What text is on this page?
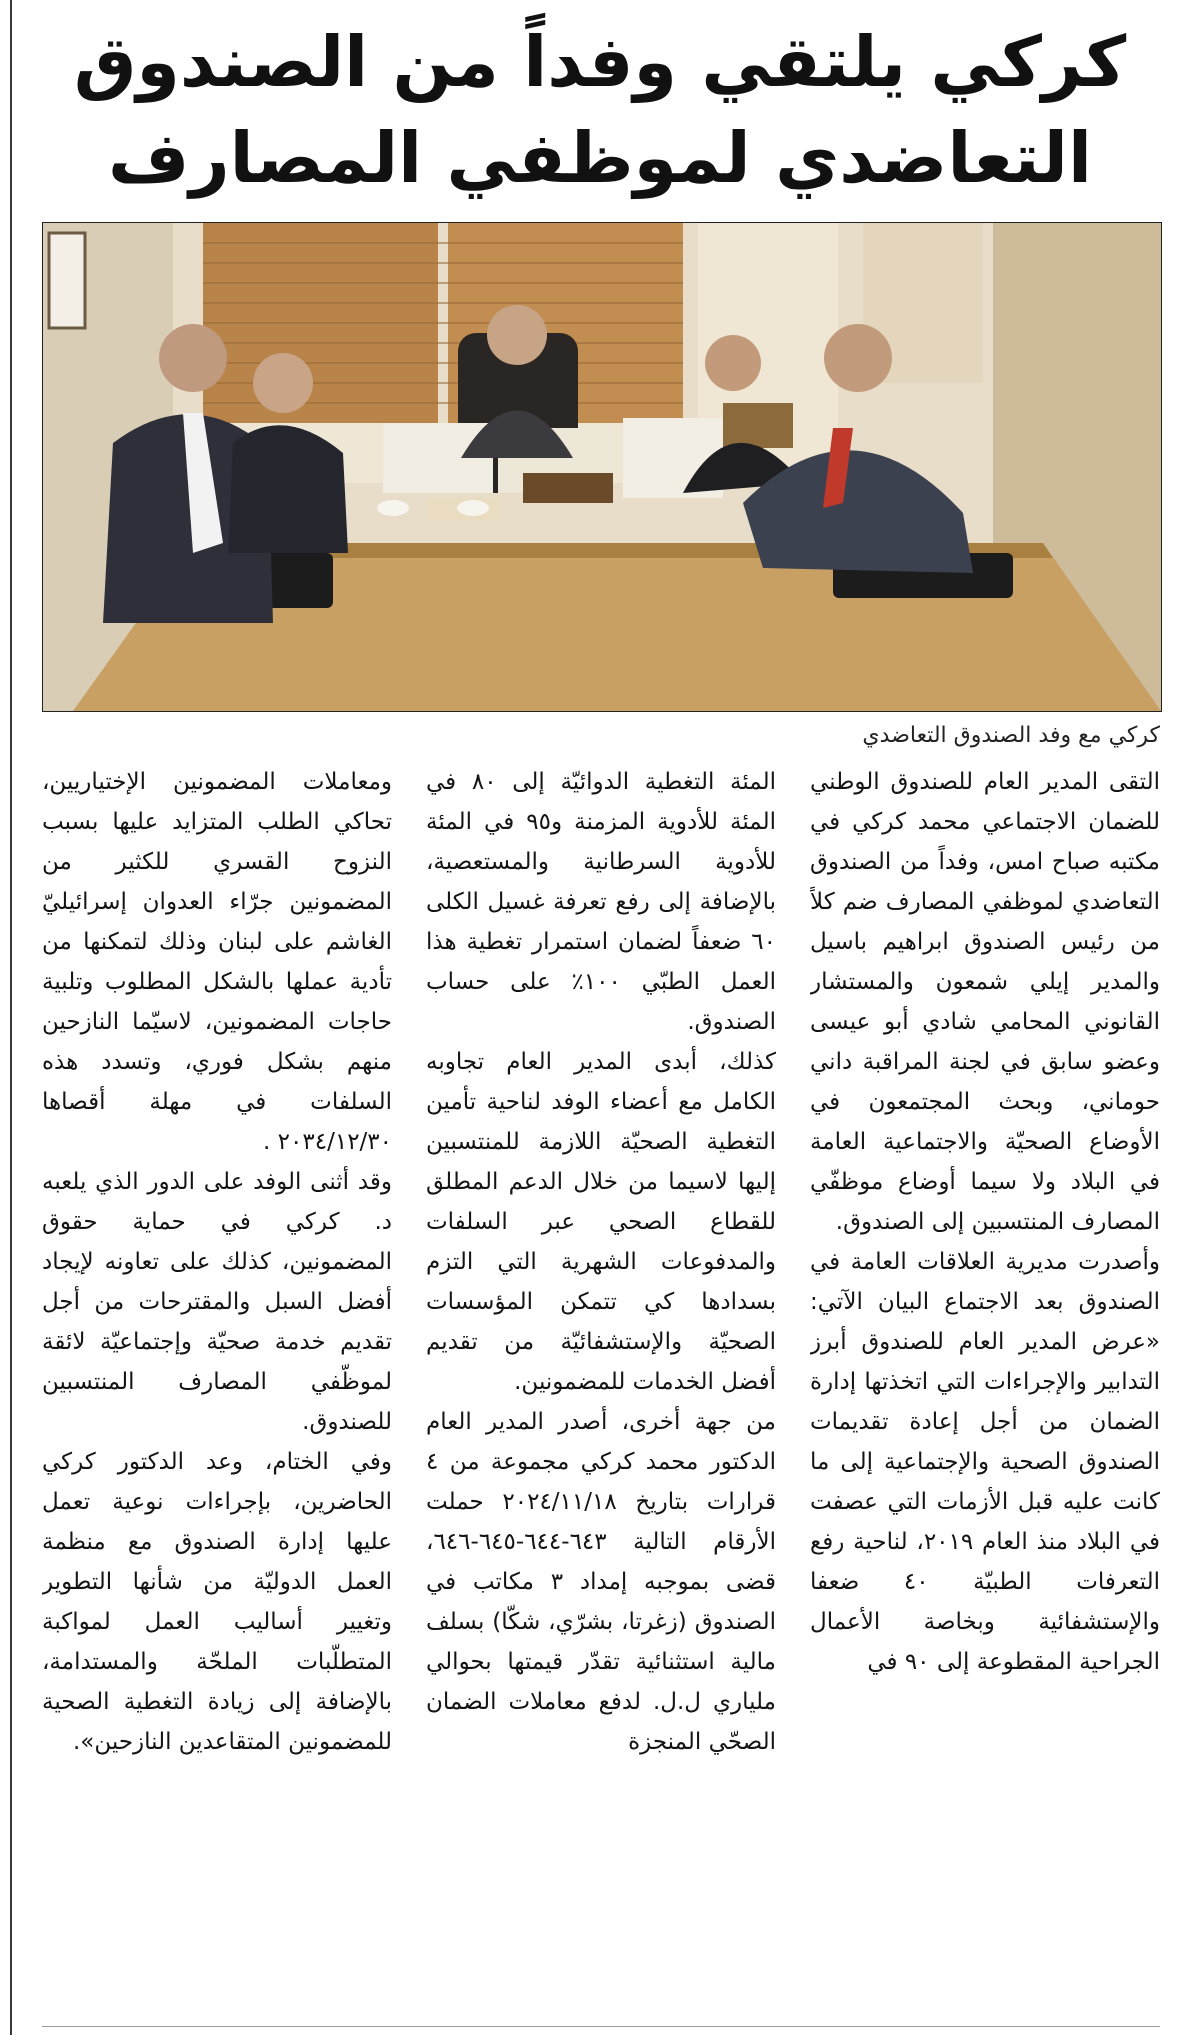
كركي يلتقي وفداً من الصندوق
التعاضدي لموظفي المصارف

كركي مع وفد الصندوق التعاضدي

التقى المدير العام للصندوق الوطني للضمان الاجتماعي محمد كركي في مكتبه صباح امس، وفداً من الصندوق التعاضدي لموظفي المصارف ضم كلاً من رئيس الصندوق ابراهيم باسيل والمدير إيلي شمعون والمستشار القانوني المحامي شادي أبو عيسى وعضو سابق في لجنة المراقبة داني حوماني، وبحث المجتمعون في الأوضاع الصحيّة والاجتماعية العامة في البلاد ولا سيما أوضاع موظفّي المصارف المنتسبين إلى الصندوق.

وأصدرت مديرية العلاقات العامة في الصندوق بعد الاجتماع البيان الآتي: «عرض المدير العام للصندوق أبرز التدابير والإجراءات التي اتخذتها إدارة الضمان من أجل إعادة تقديمات الصندوق الصحية والإجتماعية إلى ما كانت عليه قبل الأزمات التي عصفت في البلاد منذ العام ٢٠١٩، لناحية رفع التعرفات الطبيّة ٤٠ ضعفا والإستشفائية وبخاصة الأعمال الجراحية المقطوعة إلى ٩٠ في

المئة التغطية الدوائيّة إلى ٨٠ في المئة للأدوية المزمنة و٩٥ في المئة للأدوية السرطانية والمستعصية، بالإضافة إلى رفع تعرفة غسيل الكلى ٦٠ ضعفاً لضمان استمرار تغطية هذا العمل الطبّي ١٠٠٪ على حساب الصندوق.

كذلك، أبدى المدير العام تجاوبه الكامل مع أعضاء الوفد لناحية تأمين التغطية الصحيّة اللازمة للمنتسبين إليها لاسيما من خلال الدعم المطلق للقطاع الصحي عبر السلفات والمدفوعات الشهرية التي التزم بسدادها كي تتمكن المؤسسات الصحيّة والإستشفائيّة من تقديم أفضل الخدمات للمضمونين.

من جهة أخرى، أصدر المدير العام الدكتور محمد كركي مجموعة من ٤ قرارات بتاريخ ٢٠٢٤/١١/١٨ حملت الأرقام التالية ٦٤٣-٦٤٤-٦٤٥-٦٤٦، قضى بموجبه إمداد ٣ مكاتب في الصندوق (زغرتا، بشرّي، شكّا) بسلف مالية استثنائية تقدّر قيمتها بحوالي ملياري ل.ل. لدفع معاملات الضمان الصحّي المنجزة

ومعاملات المضمونين الإختياريين، تحاكي الطلب المتزايد عليها بسبب النزوح القسري للكثير من المضمونين جرّاء العدوان إسرائيليّ الغاشم على لبنان وذلك لتمكنها من تأدية عملها بالشكل المطلوب وتلبية حاجات المضمونين، لاسيّما النازحين منهم بشكل فوري، وتسدد هذه السلفات في مهلة أقصاها ٢٠٣٤/١٢/٣٠ .

وقد أثنى الوفد على الدور الذي يلعبه د. كركي في حماية حقوق المضمونين، كذلك على تعاونه لإيجاد أفضل السبل والمقترحات من أجل تقديم خدمة صحيّة وإجتماعيّة لائقة لموظّفي المصارف المنتسبين للصندوق.

وفي الختام، وعد الدكتور كركي الحاضرين، بإجراءات نوعية تعمل عليها إدارة الصندوق مع منظمة العمل الدوليّة من شأنها التطوير وتغيير أساليب العمل لمواكبة المتطلّبات الملحّة والمستدامة، بالإضافة إلى زيادة التغطية الصحية للمضمونين المتقاعدين النازحين».
